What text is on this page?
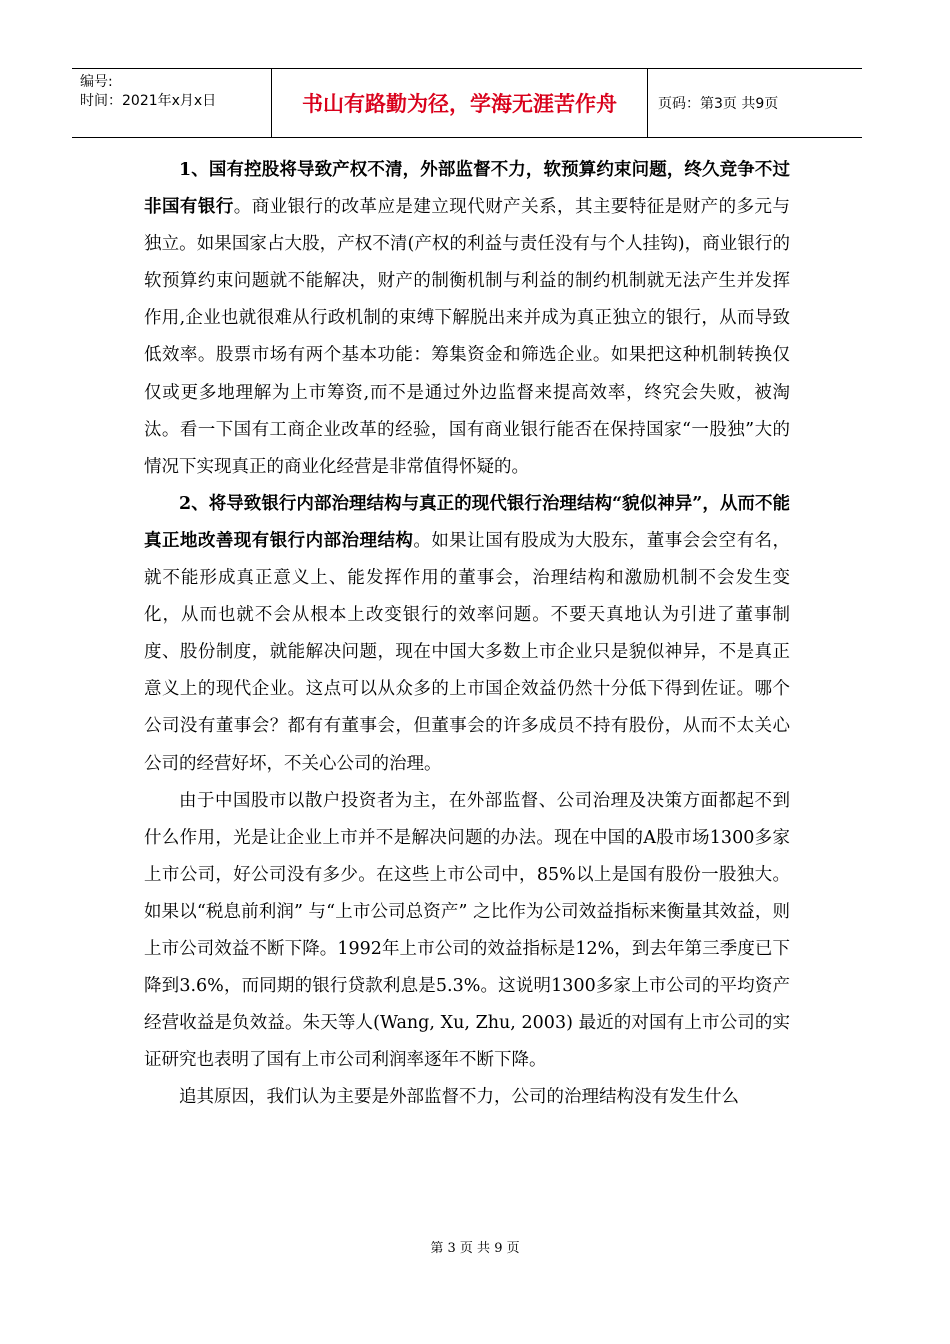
编号:
时间：2021年x月x日	书山有路勤为径，学海无涯苦作舟	页码：第3页 共9页

1、国有控股将导致产权不清，外部监督不力，软预算约束问题，终久竞争不过非国有银行。商业银行的改革应是建立现代财产关系，其主要特征是财产的多元与独立。如果国家占大股，产权不清(产权的利益与责任没有与个人挂钩)，商业银行的软预算约束问题就不能解决，财产的制衡机制与利益的制约机制就无法产生并发挥作用,企业也就很难从行政机制的束缚下解脱出来并成为真正独立的银行，从而导致低效率。股票市场有两个基本功能：筹集资金和筛选企业。如果把这种机制转换仅仅或更多地理解为上市筹资,而不是通过外边监督来提高效率，终究会失败，被淘汰。看一下国有工商企业改革的经验，国有商业银行能否在保持国家“一股独”大的情况下实现真正的商业化经营是非常值得怀疑的。

2、将导致银行内部治理结构与真正的现代银行治理结构“貌似神异”，从而不能真正地改善现有银行内部治理结构。如果让国有股成为大股东，董事会会空有名，就不能形成真正意义上、能发挥作用的董事会，治理结构和激励机制不会发生变化，从而也就不会从根本上改变银行的效率问题。不要天真地认为引进了董事制度、股份制度，就能解决问题，现在中国大多数上市企业只是貌似神异，不是真正意义上的现代企业。这点可以从众多的上市国企效益仍然十分低下得到佐证。哪个公司没有董事会？都有有董事会，但董事会的许多成员不持有股份，从而不太关心公司的经营好坏，不关心公司的治理。

由于中国股市以散户投资者为主，在外部监督、公司治理及决策方面都起不到什么作用，光是让企业上市并不是解决问题的办法。现在中国的A股市场1300多家上市公司，好公司没有多少。在这些上市公司中，85%以上是国有股份一股独大。如果以“税息前利润” 与“上市公司总资产” 之比作为公司效益指标来衡量其效益，则上市公司效益不断下降。1992年上市公司的效益指标是12%，到去年第三季度已下降到3.6%，而同期的银行贷款利息是5.3%。这说明1300多家上市公司的平均资产经营收益是负效益。朱天等人(Wang, Xu, Zhu, 2003) 最近的对国有上市公司的实证研究也表明了国有上市公司利润率逐年不断下降。

追其原因，我们认为主要是外部监督不力，公司的治理结构没有发生什么

第 3 页 共 9 页
